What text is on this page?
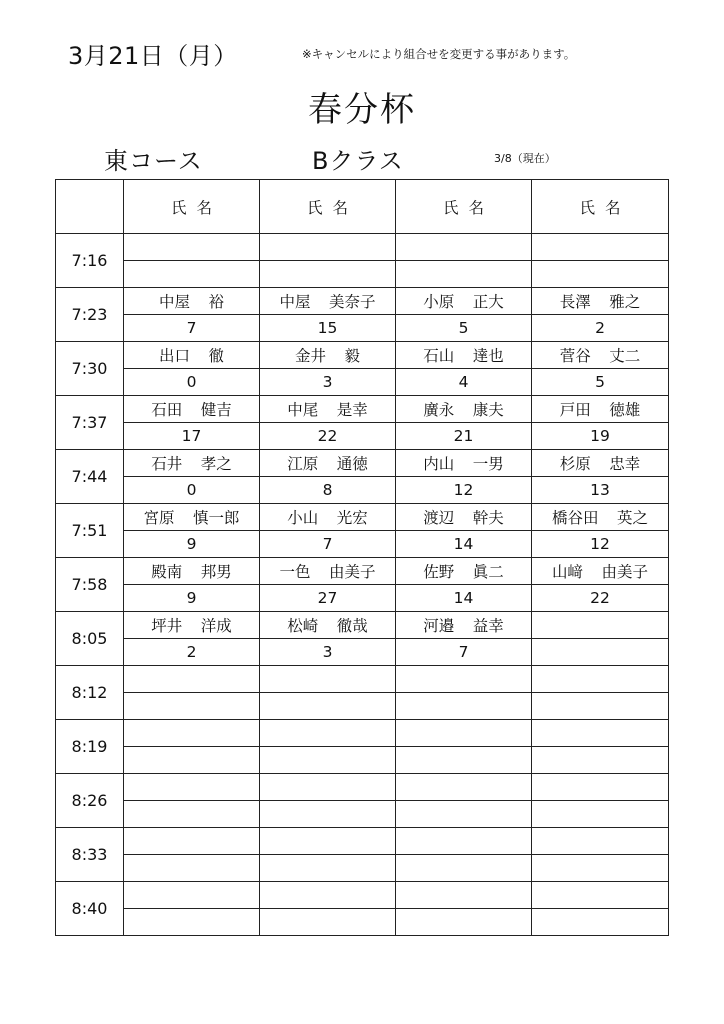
3月21日（月）	※キャンセルにより組合せを変更する事があります。
春分杯
東コース	Bクラス	3/8（現在）
	氏名	氏名	氏名	氏名
7:16				

7:23	中屋 裕	中屋 美奈子	小原 正大	長澤 雅之
	7	15	5	2
7:30	出口 徹	金井 毅	石山 達也	菅谷 丈二
	0	3	4	5
7:37	石田 健吉	中尾 是幸	廣永 康夫	戸田 徳雄
	17	22	21	19
7:44	石井 孝之	江原 通徳	内山 一男	杉原 忠幸
	0	8	12	13
7:51	宮原 慎一郎	小山 光宏	渡辺 幹夫	橋谷田 英之
	9	7	14	12
7:58	殿南 邦男	一色 由美子	佐野 眞二	山﨑 由美子
	9	27	14	22
8:05	坪井 洋成	松崎 徹哉	河邉 益幸	
	2	3	7	
8:12				

8:19				

8:26				

8:33				

8:40				
